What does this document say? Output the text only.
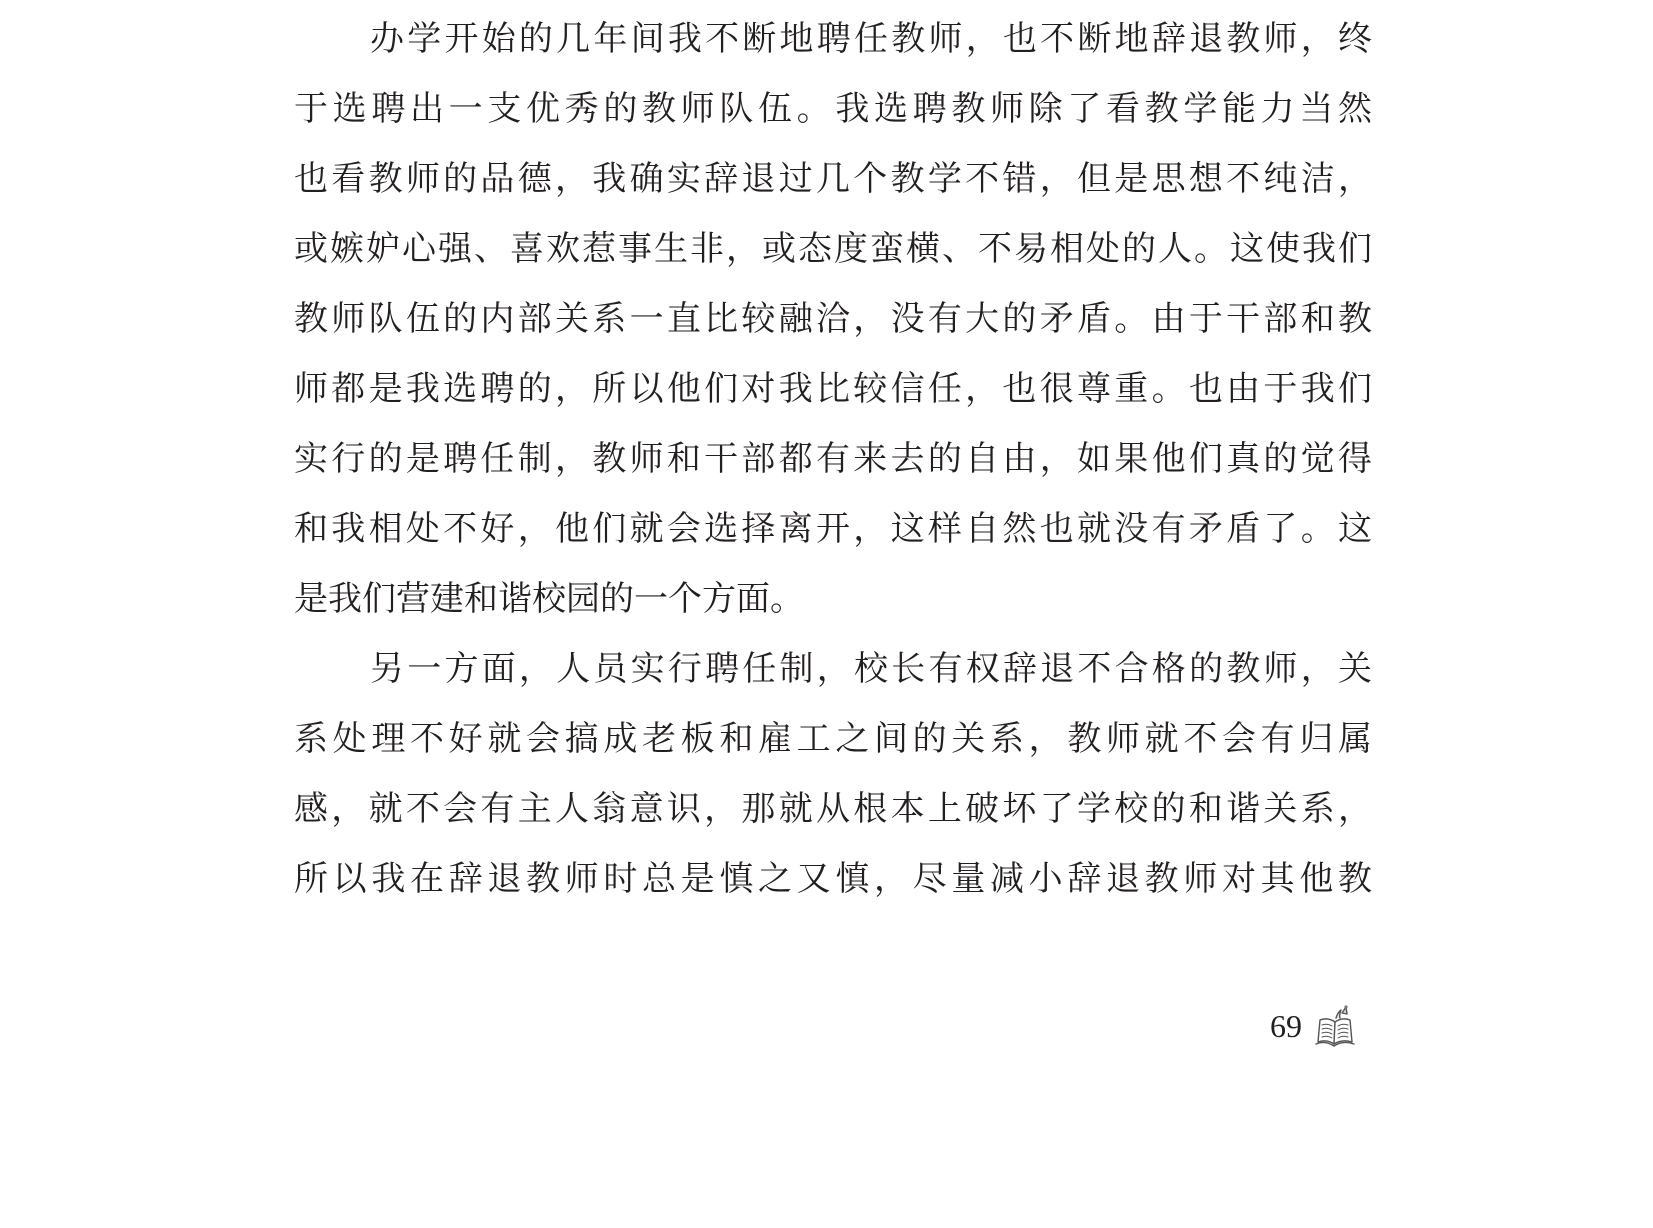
办学开始的几年间我不断地聘任教师，也不断地辞退教师，终
于选聘出一支优秀的教师队伍。我选聘教师除了看教学能力当然
也看教师的品德，我确实辞退过几个教学不错，但是思想不纯洁，
或嫉妒心强、喜欢惹事生非，或态度蛮横、不易相处的人。这使我们
教师队伍的内部关系一直比较融洽，没有大的矛盾。由于干部和教
师都是我选聘的，所以他们对我比较信任，也很尊重。也由于我们
实行的是聘任制，教师和干部都有来去的自由，如果他们真的觉得
和我相处不好，他们就会选择离开，这样自然也就没有矛盾了。这
是我们营建和谐校园的一个方面。
另一方面，人员实行聘任制，校长有权辞退不合格的教师，关
系处理不好就会搞成老板和雇工之间的关系，教师就不会有归属
感，就不会有主人翁意识，那就从根本上破坏了学校的和谐关系，
所以我在辞退教师时总是慎之又慎，尽量减小辞退教师对其他教
69
